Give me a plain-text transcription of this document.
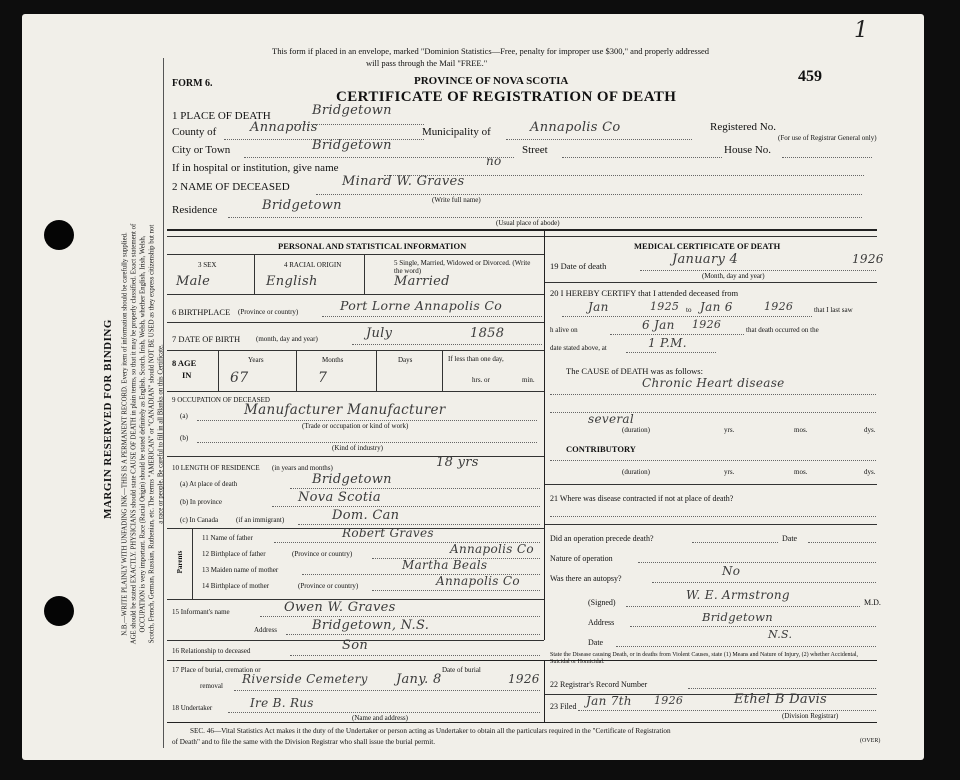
MARGIN RESERVED FOR BINDING N.B.—WRITE PLAINLY WITH UNFADING INK—THIS IS A PERMANENT RECORD. Every item of information should be carefully supplied. AGE should be stated EXACTLY. PHYSICIANS should state CAUSE OF DEATH in plain terms, so that it may be properly classified. Exact statement of OCCUPATION is very important. Race (Racial Origin) should be stated definitely as English, Scotch, Irish, Welsh, whether English, Irish, Welsh, Scotch, French, German, Russian, Ruthenian, etc. The terms "AMERICAN" or "CANADIAN" should NOT BE USED as they express citizenship but not a race or people. Be careful to fill in all Blanks on this Certificate.
This form if placed in an envelope, marked "Dominion Statistics—Free, penalty for improper use $300," and properly addressed
will pass through the Mail "FREE."
PROVINCE OF NOVA SCOTIA
FORM 6.	459
1
CERTIFICATE OF REGISTRATION OF DEATH
1 PLACE OF DEATH	Bridgetown
County of	Annapolis	Municipality of	Annapolis Co	Registered No.
(For use of Registrar General only)
City or Town	Bridgetown	Street	House No.
If in hospital or institution, give name	no
2 NAME OF DECEASED	Minard W. Graves
(Write full name)
Residence	Bridgetown
(Usual place of abode)
PERSONAL AND STATISTICAL INFORMATION	MEDICAL CERTIFICATE OF DEATH
3 SEX	4 RACIAL ORIGIN	5 Single, Married, Widowed or Divorced. (Write the word)
Male	English	Married
6 BIRTHPLACE (Province or country)	Port Lorne Annapolis Co
7 DATE OF BIRTH (month, day and year)	July	1858
8 AGE
IN
Years	Months	Days	If less than one day,
hrs. or	min.
67	7
9 OCCUPATION OF DECEASED
(a)	Manufacturer Manufacturer
(Trade or occupation or kind of work)
(b)
(Kind of industry)
10 LENGTH OF RESIDENCE (in years and months)	18 yrs
(a) At place of death	Bridgetown
(b) In province	Nova Scotia
(c) In Canada	(if an immigrant)	Dom. Can
Parents
11 Name of father	Robert Graves
12 Birthplace of father	(Province or country)	Annapolis Co
13 Maiden name of mother	Martha Beals
14 Birthplace of mother	(Province or country)	Annapolis Co
15 Informant's name	Owen W. Graves
Address	Bridgetown, N.S.
16 Relationship to deceased	Son
17 Place of burial, cremation or	Date of burial
removal Riverside Cemetery Jany. 8	1926
18 Undertaker	Ire B. Rus
(Name and address)
19 Date of death	January 4	1926
(Month, day and year)
20 I HEREBY CERTIFY that I attended deceased from
Jan	1925 to Jan 6	1926	that I last saw
h alive on	6 Jan 1926	that death occurred on the
date stated above, at	1 P.M.
The CAUSE of DEATH was as follows:
Chronic Heart disease
several
(duration)	yrs.	mos.	dys.
CONTRIBUTORY
(duration)	yrs.	mos.	dys.
21 Where was disease contracted if not at place of death?
Did an operation precede death?	Date
Nature of operation
Was there an autopsy?
No
(Signed)
W. E. Armstrong
M.D.
Address	Bridgetown
Date
N.S.
State the Disease causing Death, or in deaths from Violent Causes, state (1) Means and Nature of Injury, (2) whether Accidental, Suicidal or Homicidal.
22 Registrar's Record Number
23 Filed Jan 7th 1926	Ethel B Davis
(Division Registrar)
SEC. 46—Vital Statistics Act makes it the duty of the Undertaker or person acting as Undertaker to obtain all the particulars required in the "Certificate of Registration
of Death" and to file the same with the Division Registrar who shall issue the burial permit.	(OVER)
